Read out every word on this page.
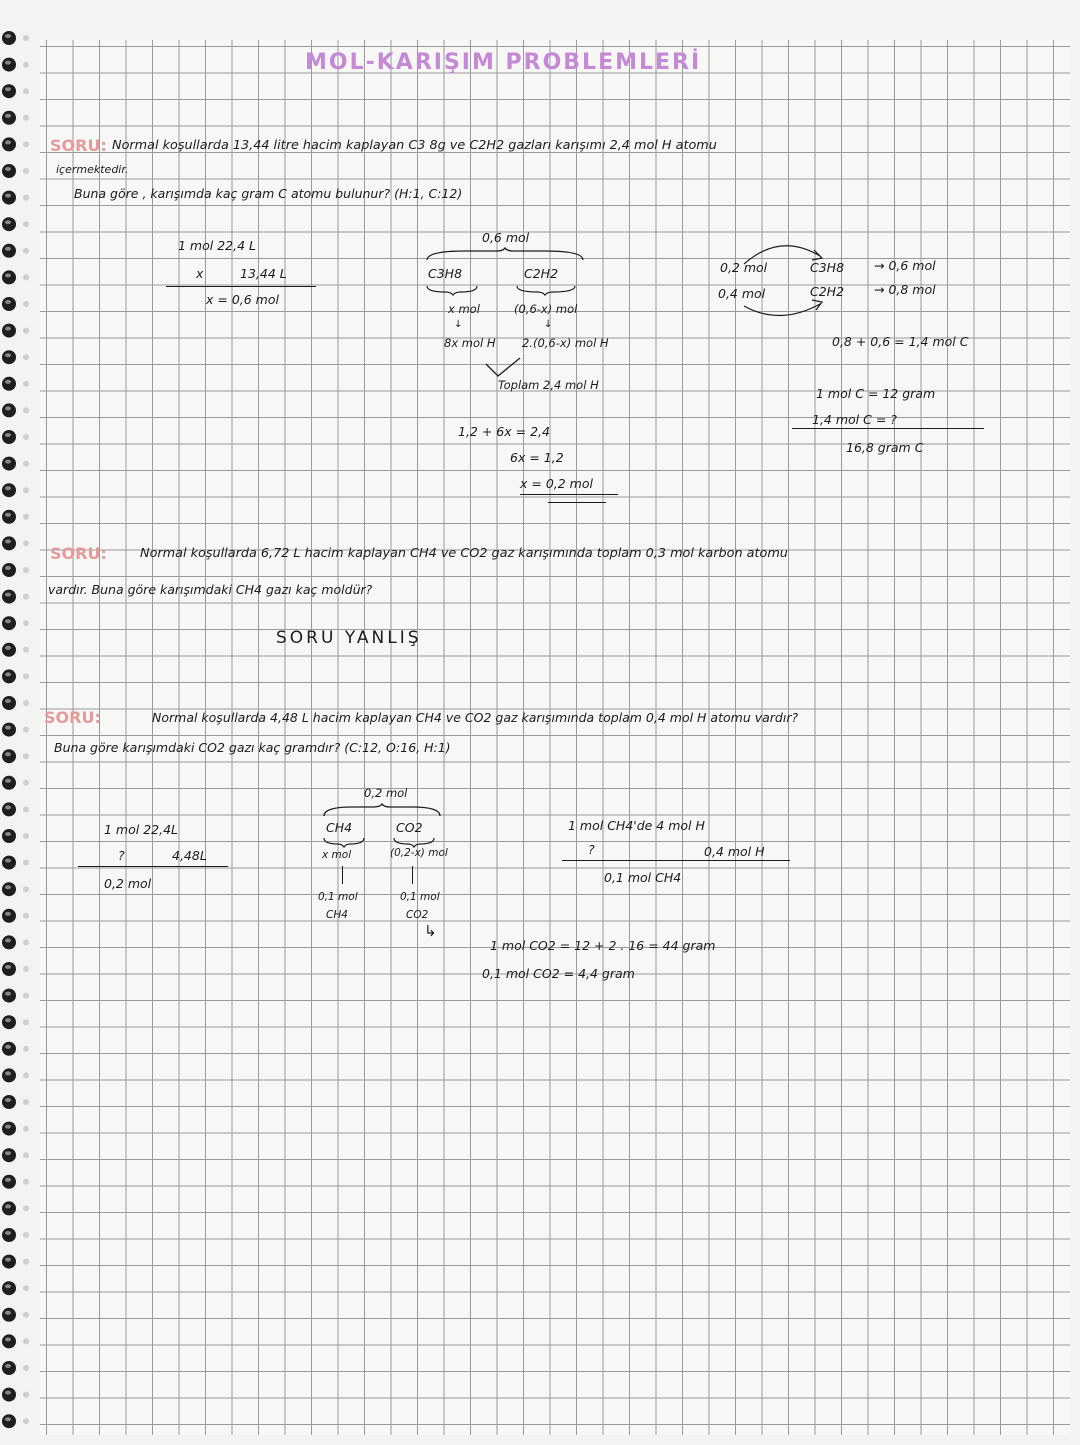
MOL-KARIŞIM PROBLEMLERİ
SORU: Normal koşullarda 13,44 litre hacim kaplayan C3 8g ve C2H2 gazları karışımı 2,4 mol H atomu
içermektedir.
Buna göre , karışımda kaç gram C atomu bulunur? (H:1, C:12)
1 mol 22,4 L
x	13,44 L
x = 0,6 mol
0,6 mol
C3H8	C2H2
x mol	(0,6-x) mol
↓	↓
8x mol H 2.(0,6-x) mol H
Toplam 2,4 mol H
1,2 + 6x = 2,4
6x = 1,2
x = 0,2 mol
0,2 mol	C3H8 → 0,6 mol
0,4 mol	C2H2 → 0,8 mol
0,8 + 0,6 = 1,4 mol C
1 mol C = 12 gram
1,4 mol C = ?
16,8 gram C
SORU:	Normal koşullarda 6,72 L hacim kaplayan CH4 ve CO2 gaz karışımında toplam 0,3 mol karbon atomu
vardır. Buna göre karışımdaki CH4 gazı kaç moldür?
SORU YANLIŞ
SORU:	Normal koşullarda 4,48 L hacim kaplayan CH4 ve CO2 gaz karışımında toplam 0,4 mol H atomu vardır?
Buna göre karışımdaki CO2 gazı kaç gramdır? (C:12, O:16, H:1)
1 mol 22,4L
?	4,48L
0,2 mol
0,2 mol
CH4	CO2
x mol	(0,2-x) mol
0,1 mol
CH4
0,1 mol
CO2
1 mol CH4'de 4 mol H
?	0,4 mol H
0,1 mol CH4
↳
1 mol CO2 = 12 + 2 . 16 = 44 gram
0,1 mol CO2 = 4,4 gram
